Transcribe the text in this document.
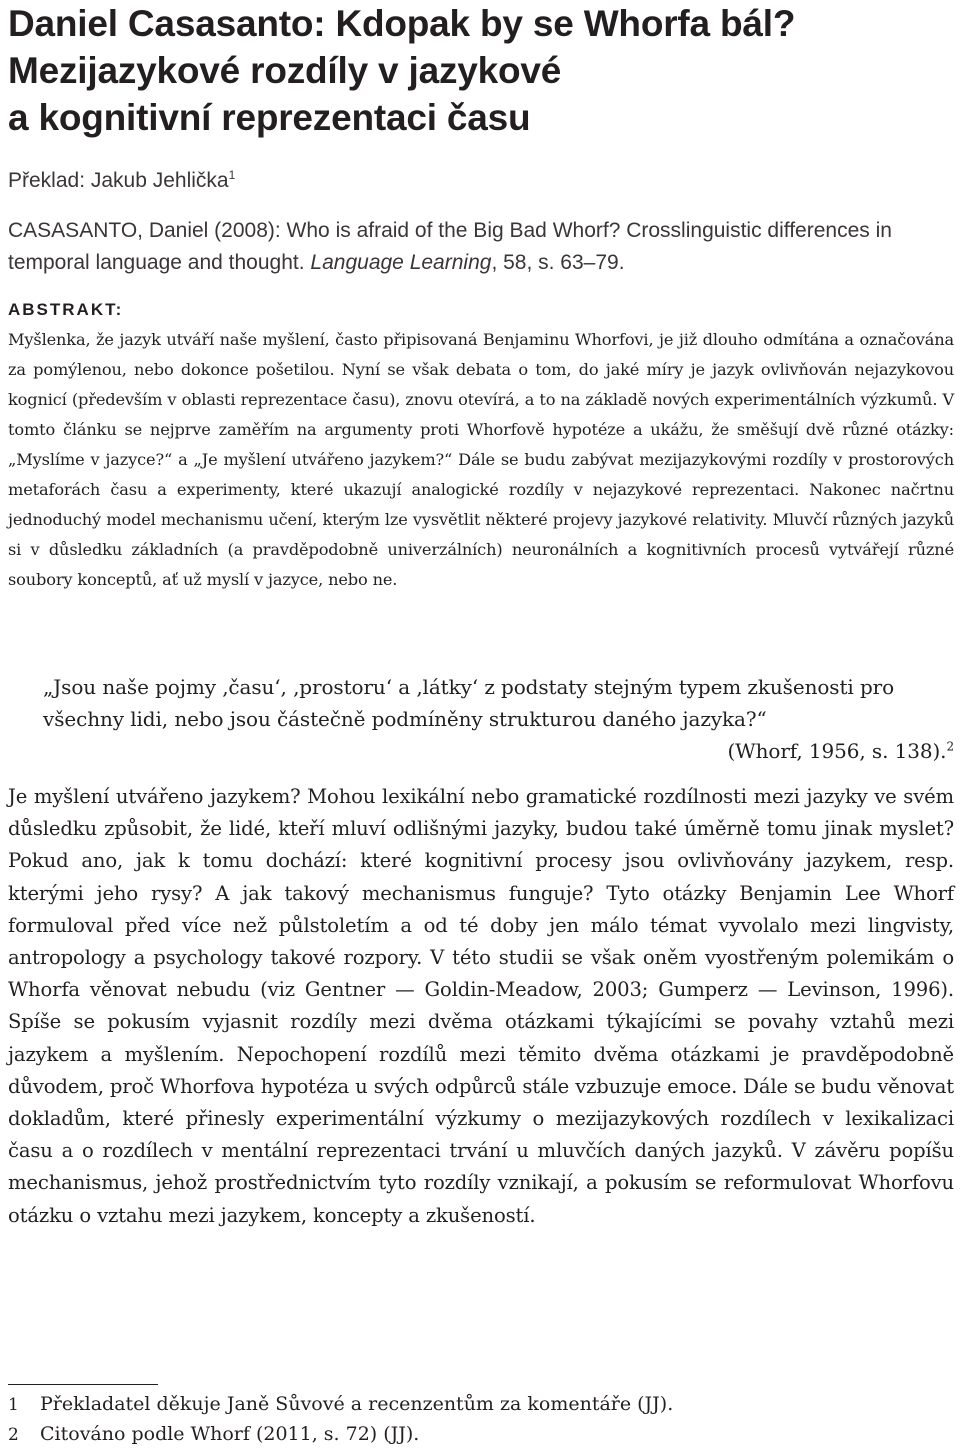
Daniel Casasanto: Kdopak by se Whorfa bál?
Mezijazykové rozdíly v jazykové
a kognitivní reprezentaci času
Překlad: Jakub Jehlička$^1$
CASASANTO, Daniel (2008): Who is afraid of the Big Bad Whorf? Crosslinguistic differences in temporal language and thought. Language Learning, 58, s. 63–79.
ABSTRAKT:
Myšlenka, že jazyk utváří naše myšlení, často připisovaná Benjaminu Whorfovi, je již dlouho odmítána a označována za pomýlenou, nebo dokonce pošetilou. Nyní se však debata o tom, do jaké míry je jazyk ovlivňován nejazykovou kognicí (především v oblasti reprezentace času), znovu otevírá, a to na základě nových experimentálních výzkumů. V tomto článku se nejprve zaměřím na argumenty proti Whorfově hypotéze a ukážu, že směšují dvě různé otázky: „Myslíme v jazyce?“ a „Je myšlení utvářeno jazykem?“ Dále se budu zabývat mezijazykovými rozdíly v prostorových metaforách času a experimenty, které ukazují analogické rozdíly v nejazykové reprezentaci. Nakonec načrtnu jednoduchý model mechanismu učení, kterým lze vysvětlit některé projevy jazykové relativity. Mluvčí různých jazyků si v důsledku základních (a pravděpodobně univerzálních) neuronálních a kognitivních procesů vytvářejí různé soubory konceptů, ať už myslí v jazyce, nebo ne.
„Jsou naše pojmy ‚času‘, ‚prostoru‘ a ‚látky‘ z podstaty stejným typem zkušenosti pro všechny lidi, nebo jsou částečně podmíněny strukturou daného jazyka?“
(Whorf, 1956, s. 138).$^2$
Je myšlení utvářeno jazykem? Mohou lexikální nebo gramatické rozdílnosti mezi jazyky ve svém důsledku způsobit, že lidé, kteří mluví odlišnými jazyky, budou také úměrně tomu jinak myslet? Pokud ano, jak k tomu dochází: které kognitivní procesy jsou ovlivňovány jazykem, resp. kterými jeho rysy? A jak takový mechanismus funguje? Tyto otázky Benjamin Lee Whorf formuloval před více než půlstoletím a od té doby jen málo témat vyvolalo mezi lingvisty, antropology a psychology takové rozpory. V této studii se však oněm vyostřeným polemikám o Whorfa věnovat nebudu (viz Gentner — Goldin-Meadow, 2003; Gumperz — Levinson, 1996). Spíše se pokusím vyjasnit rozdíly mezi dvěma otázkami týkajícími se povahy vztahů mezi jazykem a myšlením. Nepochopení rozdílů mezi těmito dvěma otázkami je pravděpodobně důvodem, proč Whorfova hypotéza u svých odpůrců stále vzbuzuje emoce. Dále se budu věnovat dokladům, které přinesly experimentální výzkumy o mezijazykových rozdílech v lexikalizaci času a o rozdílech v mentální reprezentaci trvání u mluvčích daných jazyků. V závěru popíšu mechanismus, jehož prostřednictvím tyto rozdíly vznikají, a pokusím se reformulovat Whorfovu otázku o vztahu mezi jazykem, koncepty a zkušeností.
1 Překladatel děkuje Janě Sůvové a recenzentům za komentáře (JJ).
2 Citováno podle Whorf (2011, s. 72) (JJ).
